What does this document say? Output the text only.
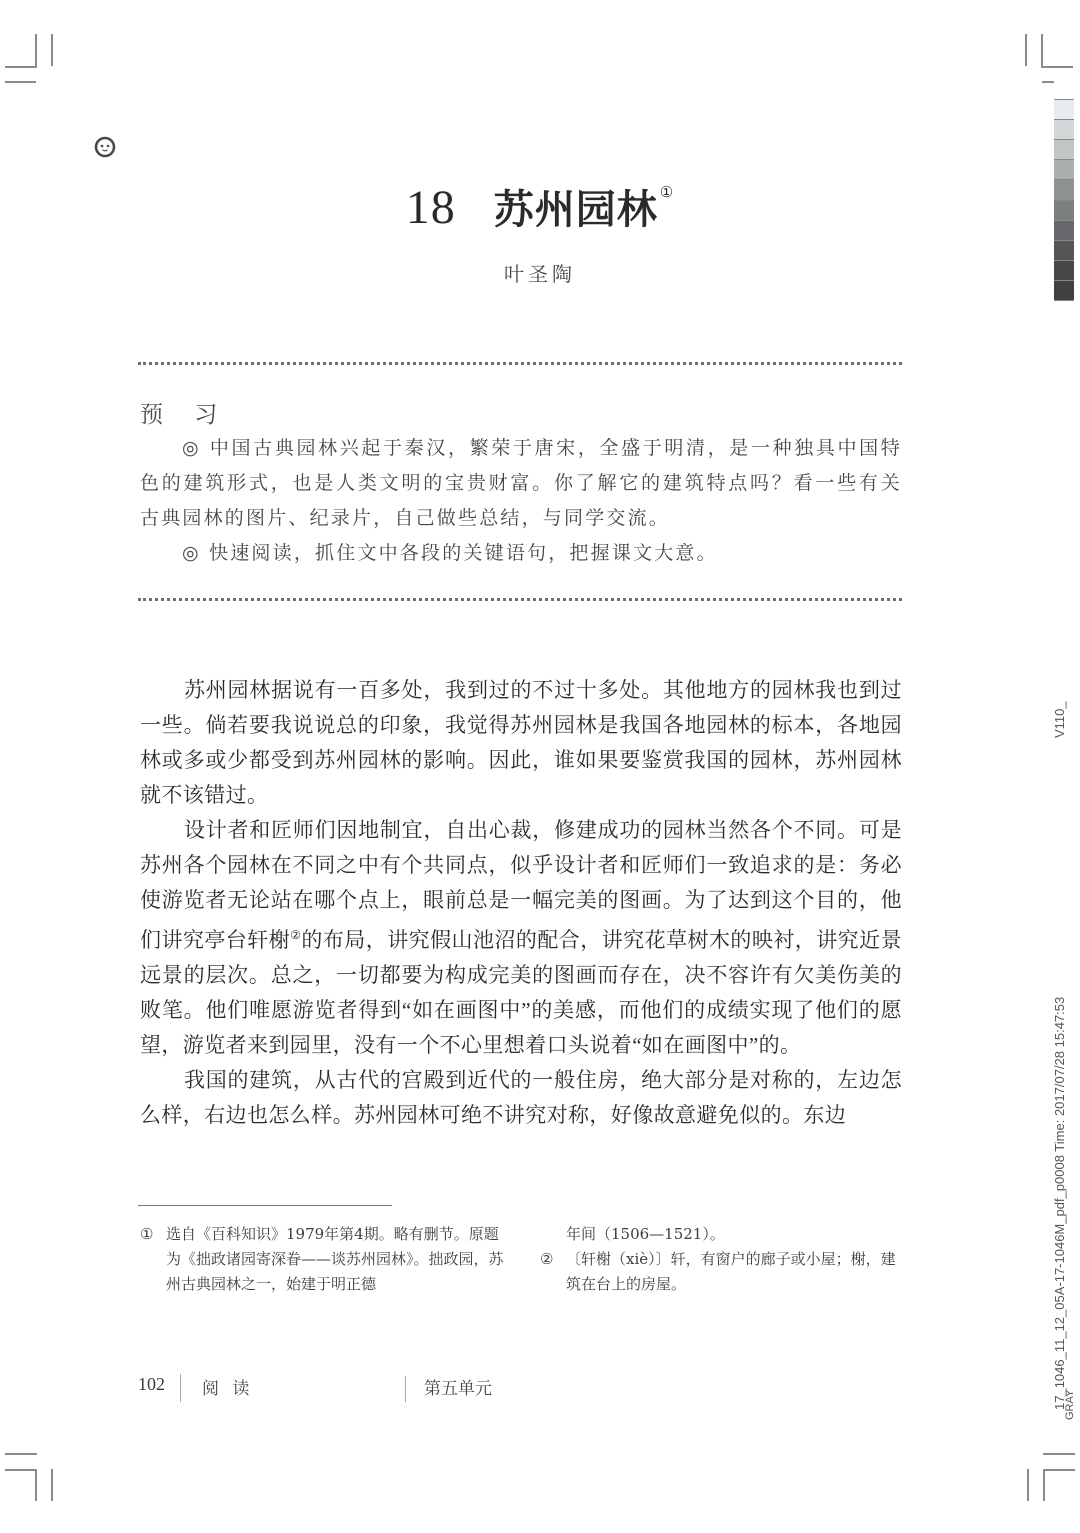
18 苏州园林 ①
叶圣陶
预 习

◎ 中国古典园林兴起于秦汉，繁荣于唐宋，全盛于明清，是一种独具中国特色的建筑形式，也是人类文明的宝贵财富。你了解它的建筑特点吗？看一些有关古典园林的图片、纪录片，自己做些总结，与同学交流。

◎ 快速阅读，抓住文中各段的关键语句，把握课文大意。

苏州园林据说有一百多处，我到过的不过十多处。其他地方的园林我也到过一些。倘若要我说说总的印象，我觉得苏州园林是我国各地园林的标本，各地园林或多或少都受到苏州园林的影响。因此，谁如果要鉴赏我国的园林，苏州园林就不该错过。

设计者和匠师们因地制宜，自出心裁，修建成功的园林当然各个不同。可是苏州各个园林在不同之中有个共同点，似乎设计者和匠师们一致追求的是：务必使游览者无论站在哪个点上，眼前总是一幅完美的图画。为了达到这个目的，他们讲究亭台轩榭②的布局，讲究假山池沼的配合，讲究花草树木的映衬，讲究近景远景的层次。总之，一切都要为构成完美的图画而存在，决不容许有欠美伤美的败笔。他们唯愿游览者得到“如在画图中”的美感，而他们的成绩实现了他们的愿望，游览者来到园里，没有一个不心里想着口头说着“如在画图中”的。

我国的建筑，从古代的宫殿到近代的一般住房，绝大部分是对称的，左边怎么样，右边也怎么样。苏州园林可绝不讲究对称，好像故意避免似的。东边

① 选自《百科知识》1979年第4期。略有删节。原题为《拙政诸园寄深眷——谈苏州园林》。拙政园，苏州古典园林之一，始建于明正德
年间（1506—1521）。
② 〔轩榭（xiè）〕轩，有窗户的廊子或小屋；榭，建筑在台上的房屋。
102 阅 读	第五单元
V110_
17_1046_11_12_05A-17-1046M_pdf_p0008 Time: 2017/07/28 15:47:53
GRAY
